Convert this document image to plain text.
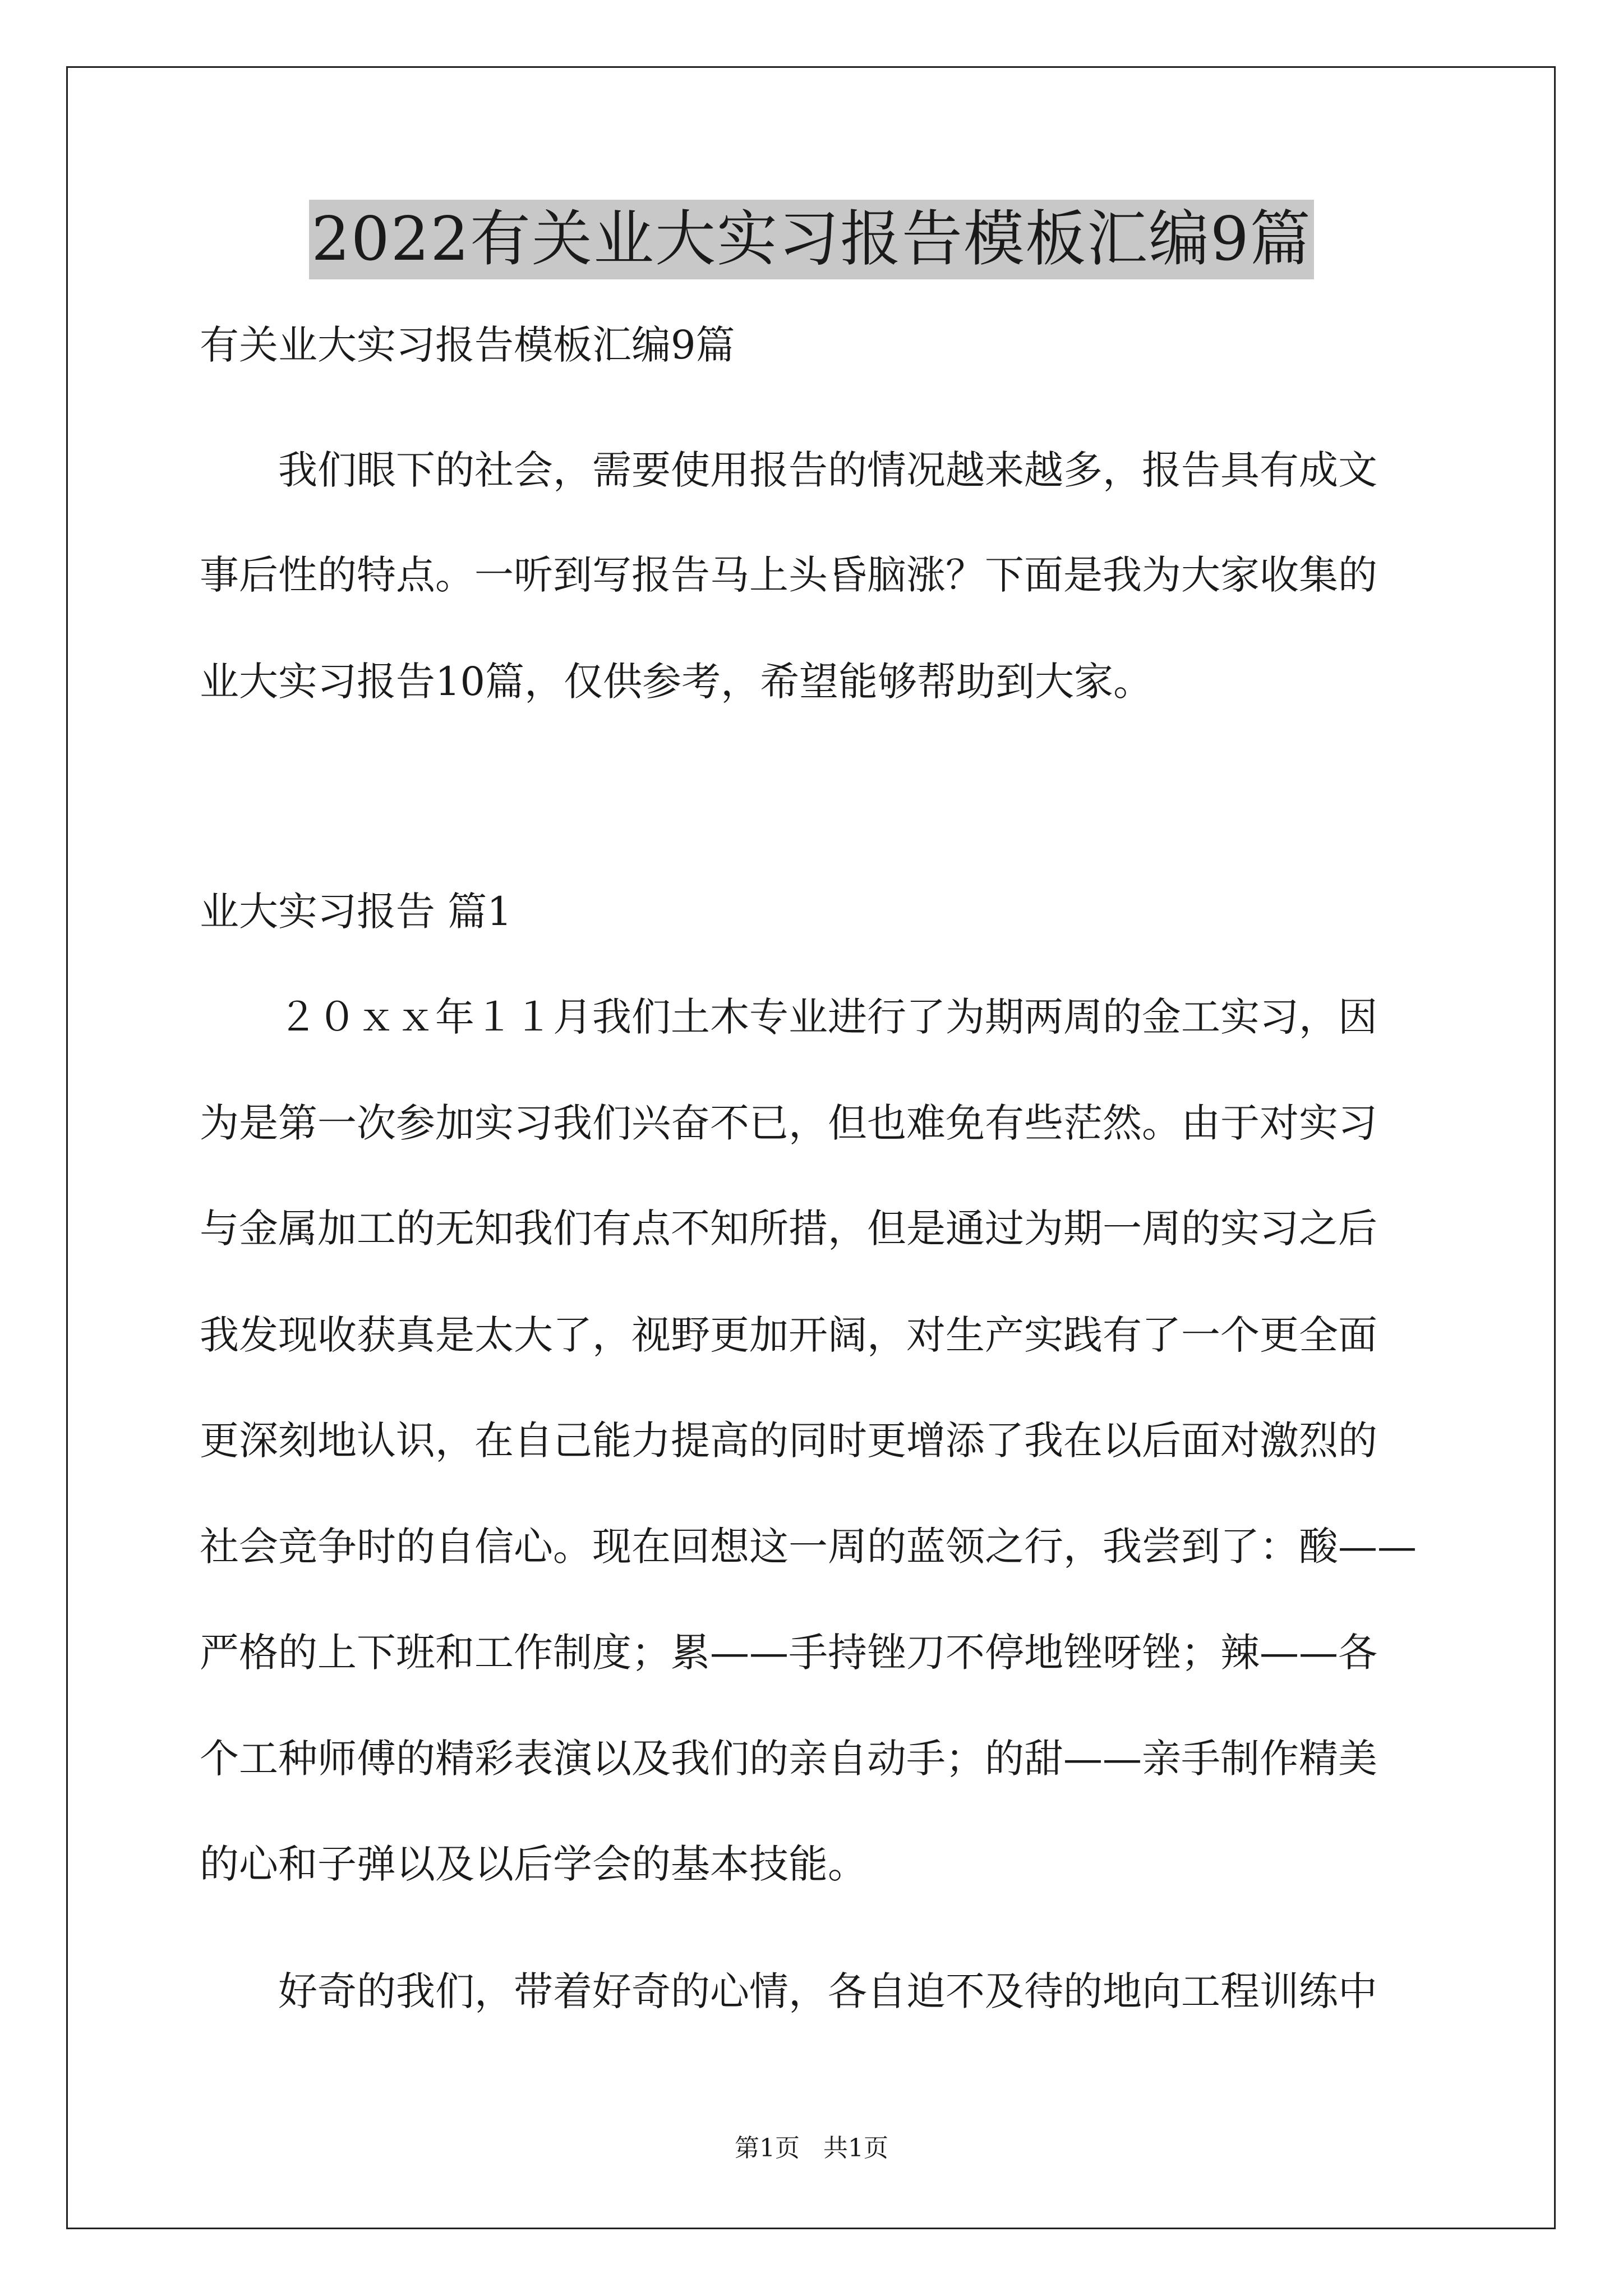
2022有关业大实习报告模板汇编9篇
有关业大实习报告模板汇编9篇
我们眼下的社会，需要使用报告的情况越来越多，报告具有成文
事后性的特点。一听到写报告马上头昏脑涨？下面是我为大家收集的
业大实习报告10篇，仅供参考，希望能够帮助到大家。
业大实习报告 篇1
２０ｘｘ年１１月我们土木专业进行了为期两周的金工实习，因
为是第一次参加实习我们兴奋不已，但也难免有些茫然。由于对实习
与金属加工的无知我们有点不知所措，但是通过为期一周的实习之后
我发现收获真是太大了，视野更加开阔，对生产实践有了一个更全面
更深刻地认识，在自己能力提高的同时更增添了我在以后面对激烈的
社会竞争时的自信心。现在回想这一周的蓝领之行，我尝到了：酸——
严格的上下班和工作制度；累——手持锉刀不停地锉呀锉；辣——各
个工种师傅的精彩表演以及我们的亲自动手；的甜——亲手制作精美
的心和子弹以及以后学会的基本技能。
好奇的我们，带着好奇的心情，各自迫不及待的地向工程训练中
第1页   共1页
